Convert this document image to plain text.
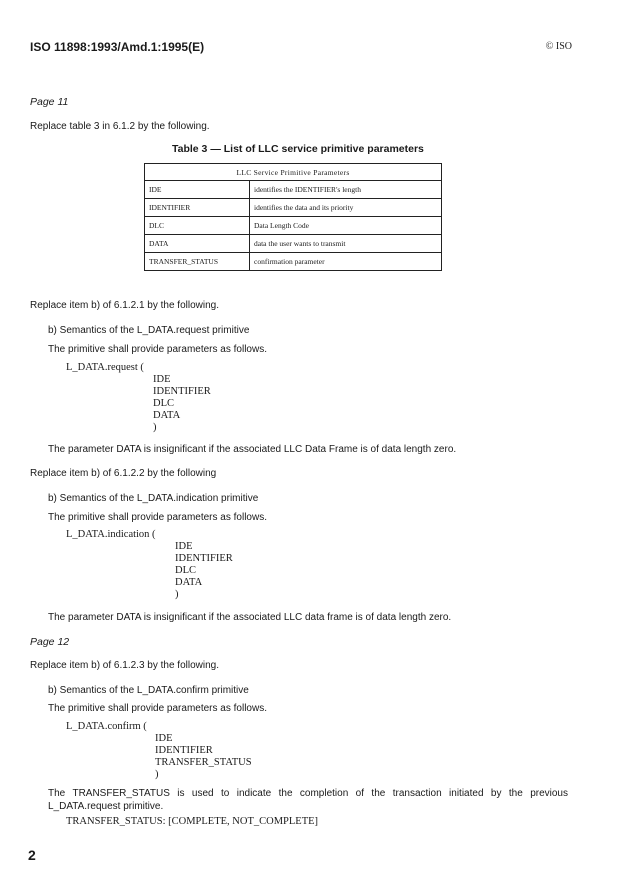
ISO 11898:1993/Amd.1:1995(E)	© ISO
Page 11
Replace table 3 in 6.1.2 by the following.
Table 3 — List of LLC service primitive parameters
LLC Service Primitive Parameters	
IDE	identifies the IDENTIFIER's length
IDENTIFIER	identifies the data and its priority
DLC	Data Length Code
DATA	data the user wants to transmit
TRANSFER_STATUS	confirmation parameter
Replace item b) of 6.1.2.1 by the following.
b) Semantics of the L_DATA.request primitive
The primitive shall provide parameters as follows.
L_DATA.request (
IDE
IDENTIFIER
DLC
DATA
)
The parameter DATA is insignificant if the associated LLC Data Frame is of data length zero.
Replace item b) of 6.1.2.2 by the following
b) Semantics of the L_DATA.indication primitive
The primitive shall provide parameters as follows.
L_DATA.indication (
IDE
IDENTIFIER
DLC
DATA
)
The parameter DATA is insignificant if the associated LLC data frame is of data length zero.
Page 12
Replace item b) of 6.1.2.3 by the following.
b) Semantics of the L_DATA.confirm primitive
The primitive shall provide parameters as follows.
L_DATA.confirm (
IDE
IDENTIFIER
TRANSFER_STATUS
)
The TRANSFER_STATUS is used to indicate the completion of the transaction initiated by the previous L_DATA.request primitive.
TRANSFER_STATUS: [COMPLETE, NOT_COMPLETE]
2
